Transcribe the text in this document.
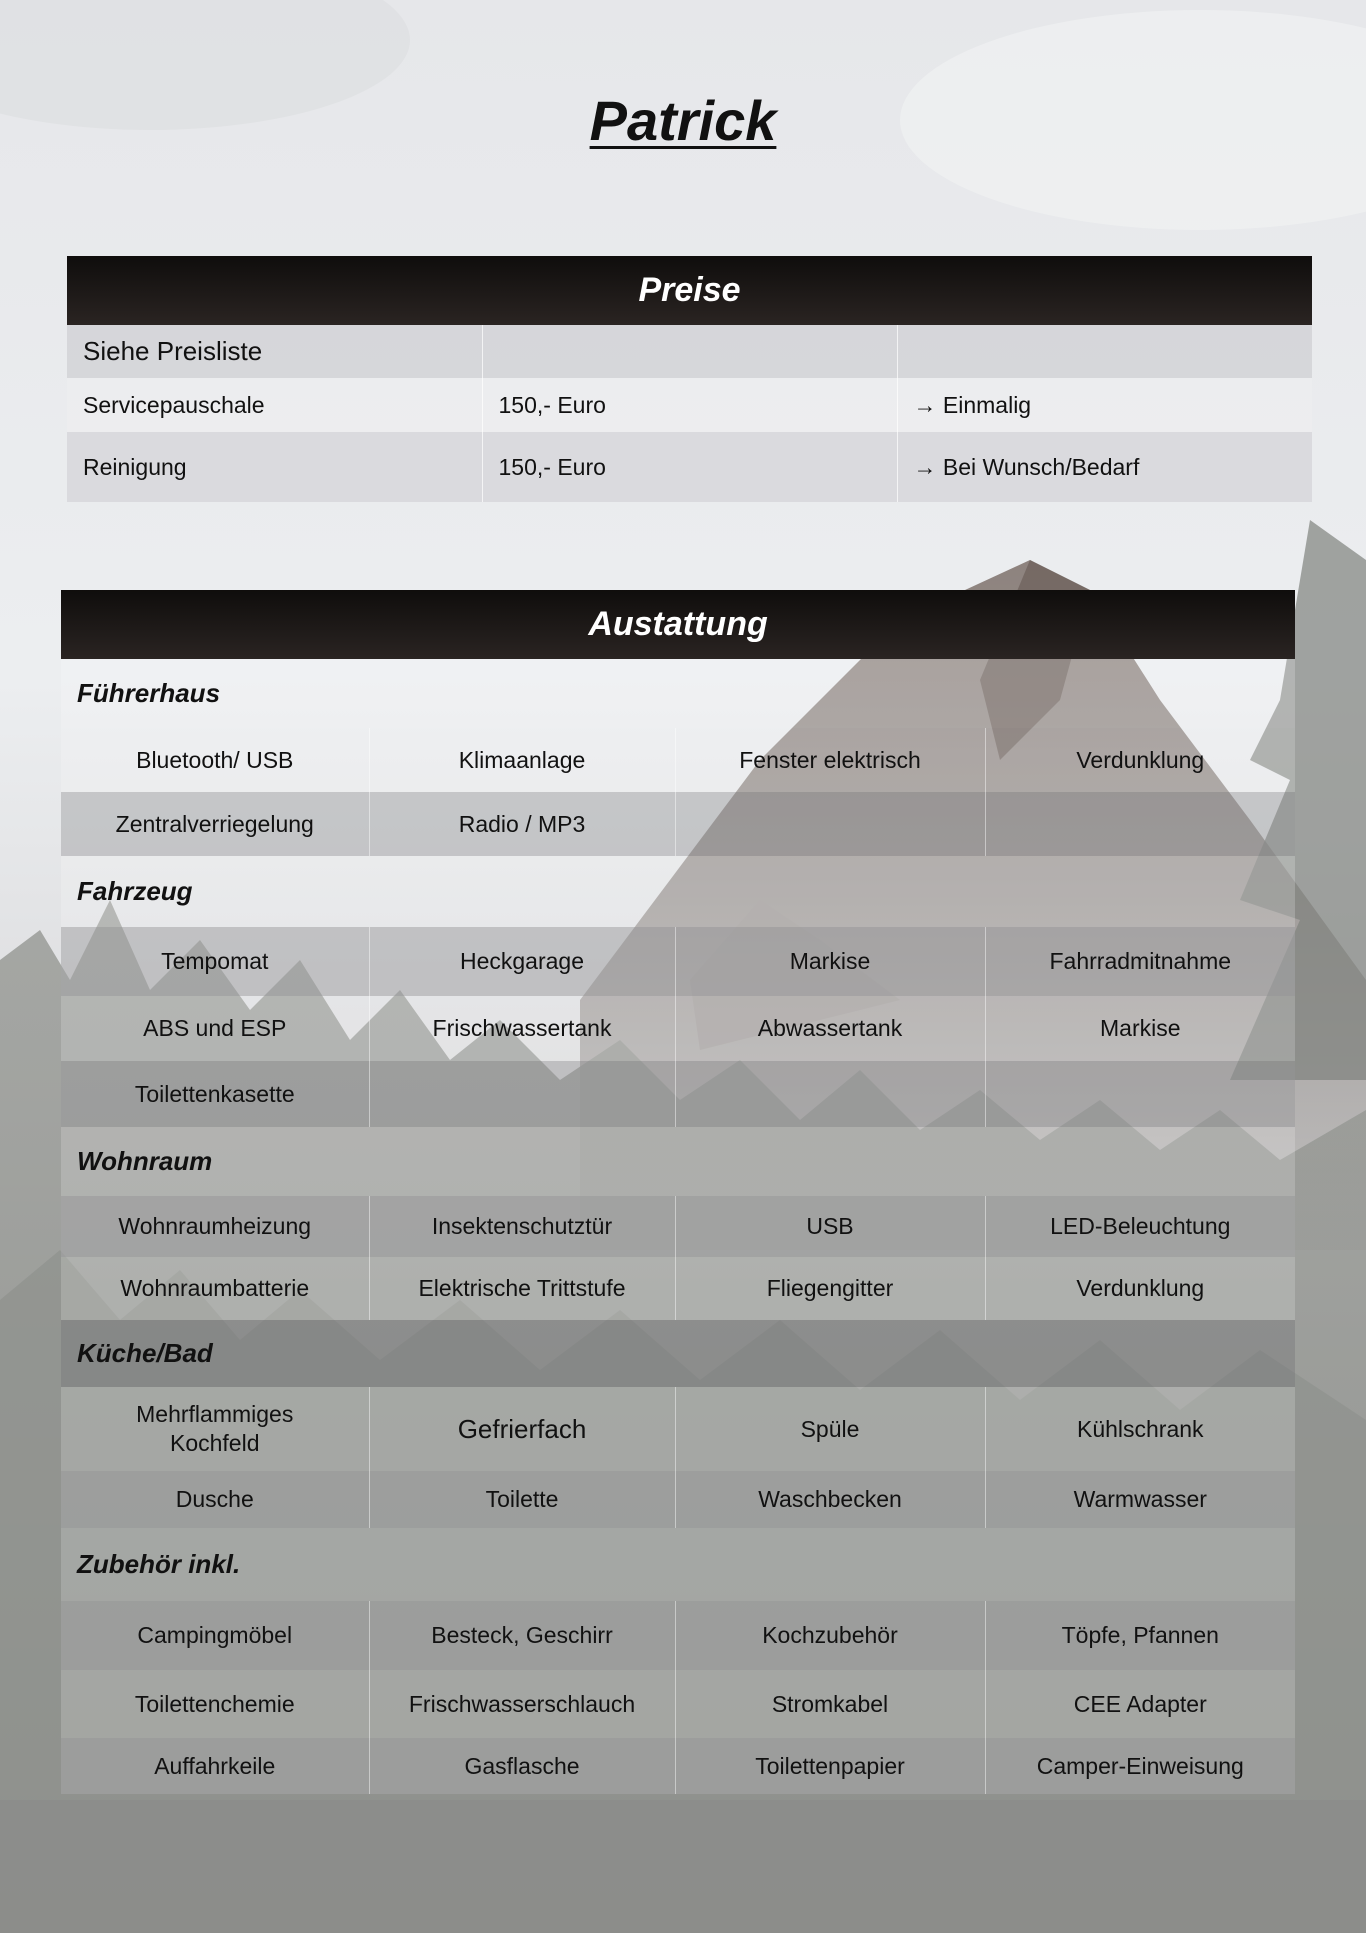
Patrick
Preise		
Siehe Preisliste		
Servicepauschale	150,- Euro	→ Einmalig
Reinigung	150,- Euro	→ Bei Wunsch/Bedarf
Austattung			
Führerhaus			
Bluetooth/ USB	Klimaanlage	Fenster elektrisch	Verdunklung
Zentralverriegelung	Radio / MP3		
Fahrzeug			
Tempomat	Heckgarage	Markise	Fahrradmitnahme
ABS und ESP	Frischwassertank	Abwassertank	Markise
Toilettenkasette			
Wohnraum			
Wohnraumheizung	Insektenschutztür	USB	LED-Beleuchtung
Wohnraumbatterie	Elektrische Trittstufe	Fliegengitter	Verdunklung
Küche/Bad			
Mehrflammiges Kochfeld	Gefrierfach	Spüle	Kühlschrank
Dusche	Toilette	Waschbecken	Warmwasser
Zubehör inkl.			
Campingmöbel	Besteck, Geschirr	Kochzubehör	Töpfe, Pfannen
Toilettenchemie	Frischwasserschlauch	Stromkabel	CEE Adapter
Auffahrkeile	Gasflasche	Toilettenpapier	Camper-Einweisung
